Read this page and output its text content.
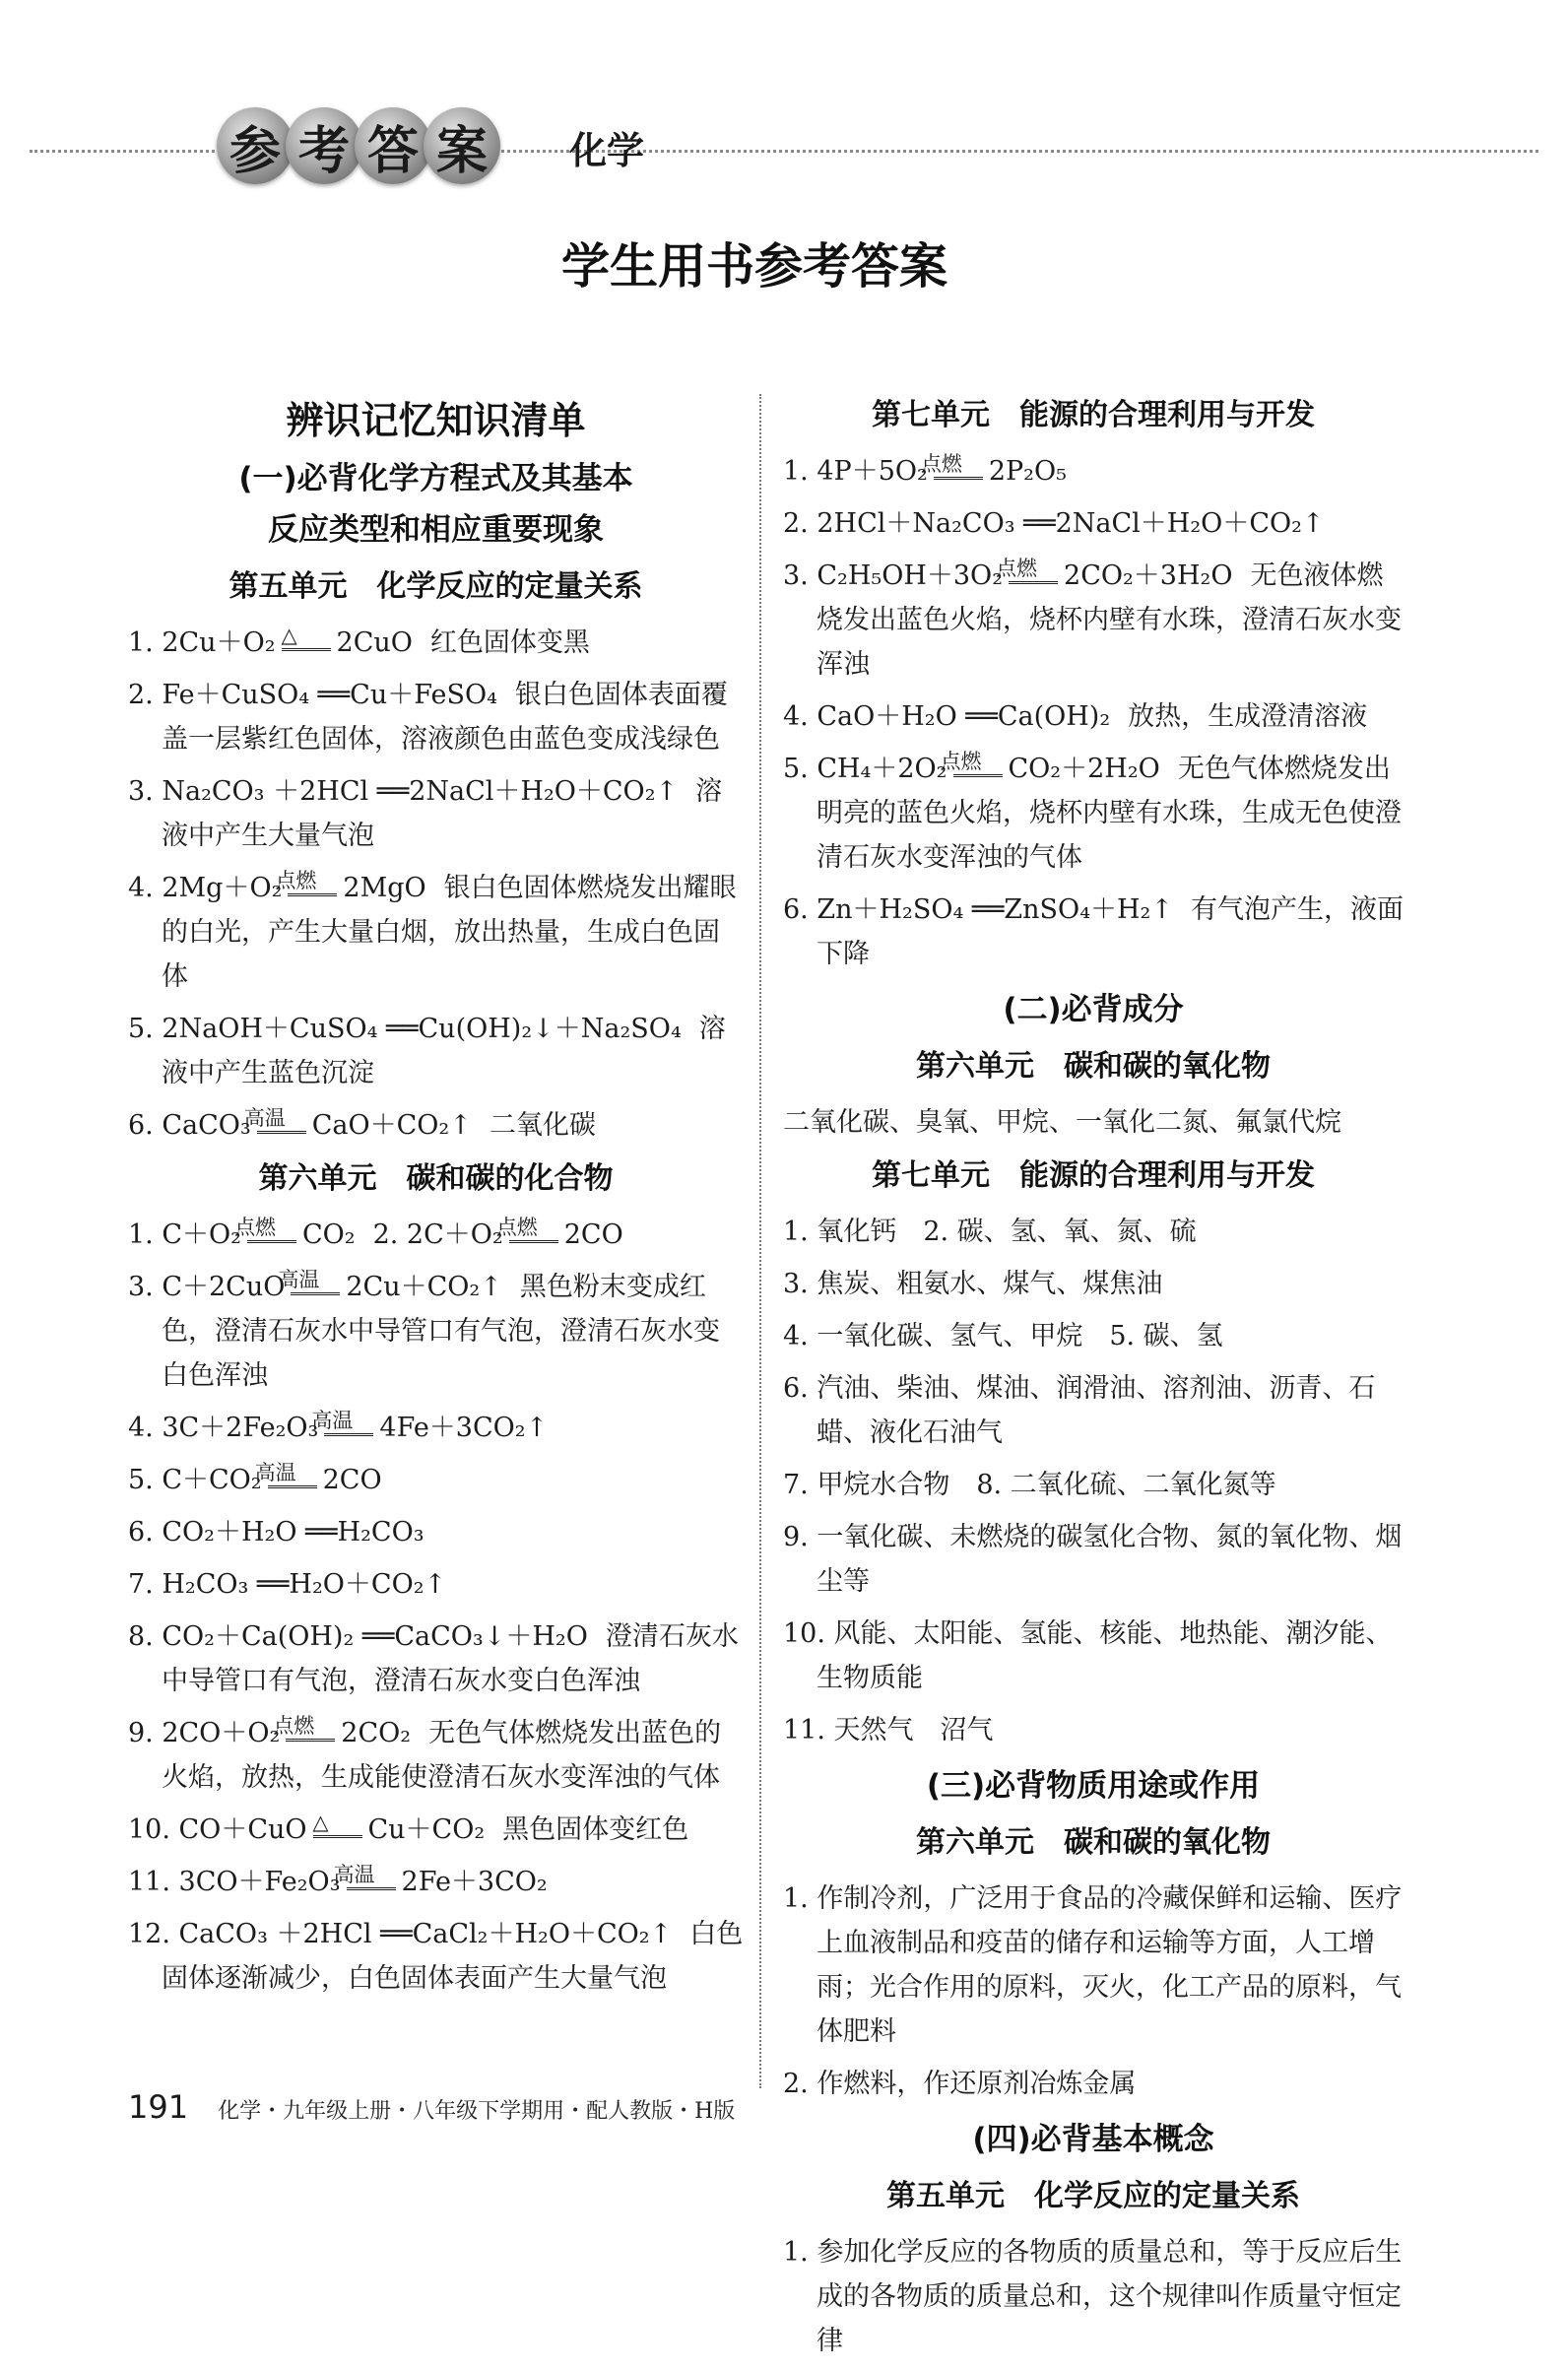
参 考 答 案 化学
学生用书参考答案
辨识记忆知识清单
(一)必背化学方程式及其基本
反应类型和相应重要现象
第五单元　化学反应的定量关系
1. 2Cu＋O₂ △ 2CuO 红色固体变黑
2. Fe＋CuSO₄ ══Cu＋FeSO₄ 银白色固体表面覆盖一层紫红色固体，溶液颜色由蓝色变成浅绿色
3. Na₂CO₃ ＋2HCl ══2NaCl＋H₂O＋CO₂↑ 溶液中产生大量气泡
4. 2Mg＋O₂点燃 2MgO 银白色固体燃烧发出耀眼的白光，产生大量白烟，放出热量，生成白色固体
5. 2NaOH＋CuSO₄ ══Cu(OH)₂↓＋Na₂SO₄ 溶液中产生蓝色沉淀
6. CaCO₃高温 CaO＋CO₂↑ 二氧化碳
第六单元　碳和碳的化合物
1. C＋O₂点燃 CO₂ 2. 2C＋O₂点燃 2CO
3. C＋2CuO高温 2Cu＋CO₂↑ 黑色粉末变成红色，澄清石灰水中导管口有气泡，澄清石灰水变白色浑浊
4. 3C＋2Fe₂O₃高温 4Fe＋3CO₂↑
5. C＋CO₂高温 2CO
6. CO₂＋H₂O ══H₂CO₃
7. H₂CO₃ ══H₂O＋CO₂↑
8. CO₂＋Ca(OH)₂ ══CaCO₃↓＋H₂O 澄清石灰水中导管口有气泡，澄清石灰水变白色浑浊
9. 2CO＋O₂点燃 2CO₂ 无色气体燃烧发出蓝色的火焰，放热，生成能使澄清石灰水变浑浊的气体
10. CO＋CuO △ Cu＋CO₂ 黑色固体变红色
11. 3CO＋Fe₂O₃高温 2Fe＋3CO₂
12. CaCO₃ ＋2HCl ══CaCl₂＋H₂O＋CO₂↑ 白色固体逐渐减少，白色固体表面产生大量气泡
第七单元　能源的合理利用与开发
1. 4P＋5O₂点燃 2P₂O₅
2. 2HCl＋Na₂CO₃ ══2NaCl＋H₂O＋CO₂↑
3. C₂H₅OH＋3O₂点燃 2CO₂＋3H₂O 无色液体燃烧发出蓝色火焰，烧杯内壁有水珠，澄清石灰水变浑浊
4. CaO＋H₂O ══Ca(OH)₂ 放热，生成澄清溶液
5. CH₄＋2O₂点燃 CO₂＋2H₂O 无色气体燃烧发出明亮的蓝色火焰，烧杯内壁有水珠，生成无色使澄清石灰水变浑浊的气体
6. Zn＋H₂SO₄ ══ZnSO₄＋H₂↑ 有气泡产生，液面下降
(二)必背成分
第六单元　碳和碳的氧化物
二氧化碳、臭氧、甲烷、一氧化二氮、氟氯代烷
第七单元　能源的合理利用与开发
1. 氧化钙　2. 碳、氢、氧、氮、硫
3. 焦炭、粗氨水、煤气、煤焦油
4. 一氧化碳、氢气、甲烷　5. 碳、氢
6. 汽油、柴油、煤油、润滑油、溶剂油、沥青、石蜡、液化石油气
7. 甲烷水合物　8. 二氧化硫、二氧化氮等
9. 一氧化碳、未燃烧的碳氢化合物、氮的氧化物、烟尘等
10. 风能、太阳能、氢能、核能、地热能、潮汐能、生物质能
11. 天然气　沼气
(三)必背物质用途或作用
第六单元　碳和碳的氧化物
1. 作制冷剂，广泛用于食品的冷藏保鲜和运输、医疗上血液制品和疫苗的储存和运输等方面，人工增雨；光合作用的原料，灭火，化工产品的原料，气体肥料
2. 作燃料，作还原剂冶炼金属
(四)必背基本概念
第五单元　化学反应的定量关系
1. 参加化学反应的各物质的质量总和，等于反应后生成的各物质的质量总和，这个规律叫作质量守恒定律
191 化学・九年级上册・八年级下学期用・配人教版・H版
